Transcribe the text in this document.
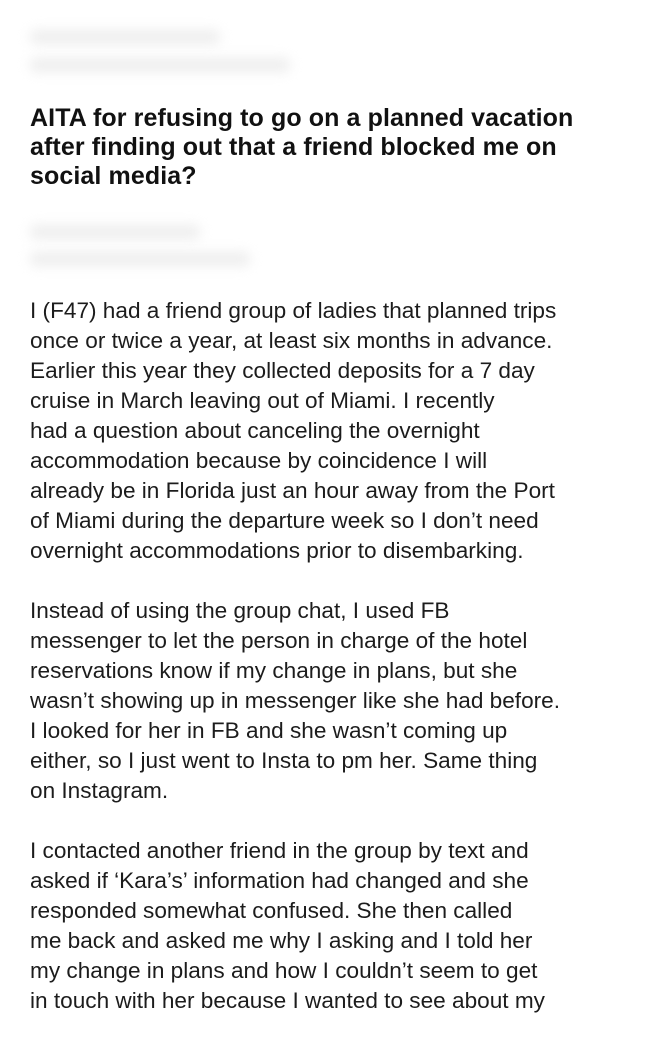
AITA for refusing to go on a planned vacation
after finding out that a friend blocked me on
social media?

I (F47) had a friend group of ladies that planned trips
once or twice a year, at least six months in advance.
Earlier this year they collected deposits for a 7 day
cruise in March leaving out of Miami. I recently
had a question about canceling the overnight
accommodation because by coincidence I will
already be in Florida just an hour away from the Port
of Miami during the departure week so I don’t need
overnight accommodations prior to disembarking.

Instead of using the group chat, I used FB
messenger to let the person in charge of the hotel
reservations know if my change in plans, but she
wasn’t showing up in messenger like she had before.
I looked for her in FB and she wasn’t coming up
either, so I just went to Insta to pm her. Same thing
on Instagram.

I contacted another friend in the group by text and
asked if ‘Kara’s’ information had changed and she
responded somewhat confused. She then called
me back and asked me why I asking and I told her
my change in plans and how I couldn’t seem to get
in touch with her because I wanted to see about my
